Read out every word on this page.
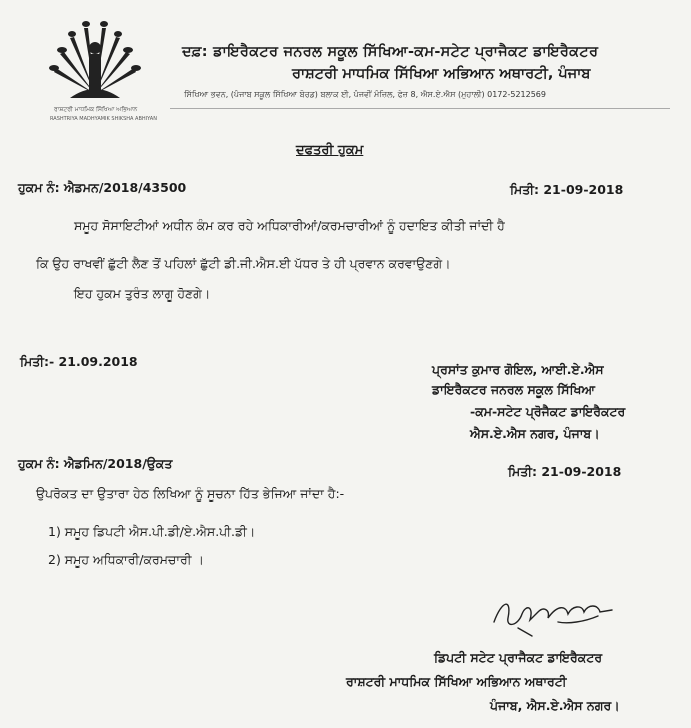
ਰਾਸ਼ਟਰੀ ਮਾਧਮਿਕ ਸਿੱਖਿਆ ਅਭਿਆਨ
RASHTRIYA MADHYAMIK SHIKSHA ABHIYAN
ਦਫ਼: ਡਾਇਰੈਕਟਰ ਜਨਰਲ ਸਕੂਲ ਸਿੱਖਿਆ-ਕਮ-ਸਟੇਟ ਪ੍ਰਾਜੈਕਟ ਡਾਇਰੈਕਟਰ
ਰਾਸ਼ਟਰੀ ਮਾਧਮਿਕ ਸਿੱਖਿਆ ਅਭਿਆਨ ਅਥਾਰਟੀ, ਪੰਜਾਬ
ਸਿੱਖਿਆ ਭਵਨ, (ਪੰਜਾਬ ਸਕੂਲ ਸਿੱਖਿਆ ਬੋਰਡ) ਬਲਾਕ ਈ, ਪੰਜਵੀਂ ਮੰਜ਼ਿਲ, ਫੇਜ਼ 8, ਐਸ.ਏ.ਐਸ (ਮੁਹਾਲੀ) 0172-5212569
ਦਫਤਰੀ ਹੁਕਮ
ਹੁਕਮ ਨੰ: ਐਡਮਨ/2018/43500	ਮਿਤੀ: 21-09-2018
ਸਮੂਹ ਸੋਸਾਇਟੀਆਂ ਅਧੀਨ ਕੰਮ ਕਰ ਰਹੇ ਅਧਿਕਾਰੀਆਂ/ਕਰਮਚਾਰੀਆਂ ਨੂੰ ਹਦਾਇਤ ਕੀਤੀ ਜਾਂਦੀ ਹੈ
ਕਿ ਉਹ ਰਾਖਵੀਂ ਛੁੱਟੀ ਲੈਣ ਤੋਂ ਪਹਿਲਾਂ ਛੁੱਟੀ ਡੀ.ਜੀ.ਐਸ.ਈ ਪੱਧਰ ਤੇ ਹੀ ਪ੍ਰਵਾਨ ਕਰਵਾਉਣਗੇ।
ਇਹ ਹੁਕਮ ਤੁਰੰਤ ਲਾਗੂ ਹੋਣਗੇ।
ਮਿਤੀ:- 21.09.2018
ਪ੍ਰਸਾਂਤ ਕੁਮਾਰ ਗੋਇਲ, ਆਈ.ਏ.ਐਸ
ਡਾਇਰੈਕਟਰ ਜਨਰਲ ਸਕੂਲ ਸਿੱਖਿਆ
-ਕਮ-ਸਟੇਟ ਪ੍ਰੋਜੈਕਟ ਡਾਇਰੈਕਟਰ
ਐਸ.ਏ.ਐਸ ਨਗਰ, ਪੰਜਾਬ।
ਹੁਕਮ ਨੰ: ਐਡਮਿਨ/2018/ਉਕਤ
ਮਿਤੀ: 21-09-2018
ਉਪਰੋਕਤ ਦਾ ਉਤਾਰਾ ਹੇਠ ਲਿਖਿਆ ਨੂੰ ਸੂਚਨਾ ਹਿੱਤ ਭੇਜਿਆ ਜਾਂਦਾ ਹੈ:-
1) ਸਮੂਹ ਡਿਪਟੀ ਐਸ.ਪੀ.ਡੀ/ਏ.ਐਸ.ਪੀ.ਡੀ।
2) ਸਮੂਹ ਅਧਿਕਾਰੀ/ਕਰਮਚਾਰੀ ।
ਡਿਪਟੀ ਸਟੇਟ ਪ੍ਰਾਜੈਕਟ ਡਾਇਰੈਕਟਰ
ਰਾਸ਼ਟਰੀ ਮਾਧਮਿਕ ਸਿੱਖਿਆ ਅਭਿਆਨ ਅਥਾਰਟੀ
ਪੰਜਾਬ, ਐਸ.ਏ.ਐਸ ਨਗਰ।
